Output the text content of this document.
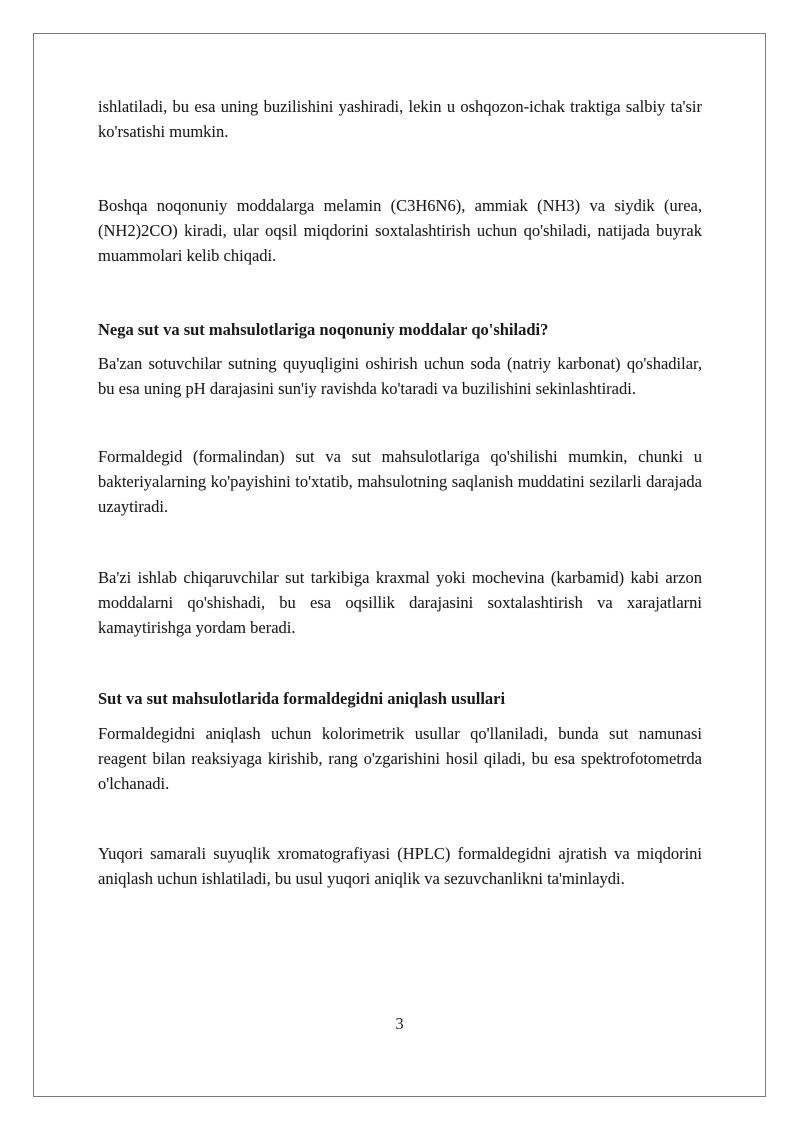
ishlatiladi, bu esa uning buzilishini yashiradi, lekin u oshqozon-ichak traktiga salbiy ta'sir ko'rsatishi mumkin.

Boshqa noqonuniy moddalarga melamin (C3H6N6), ammiak (NH3) va siydik (urea, (NH2)2CO) kiradi, ular oqsil miqdorini soxtalashtirish uchun qo'shiladi, natijada buyrak muammolari kelib chiqadi.

Nega sut va sut mahsulotlariga noqonuniy moddalar qo'shiladi?

Ba'zan sotuvchilar sutning quyuqligini oshirish uchun soda (natriy karbonat) qo'shadilar, bu esa uning pH darajasini sun'iy ravishda ko'taradi va buzilishini sekinlashtiradi.

Formaldegid (formalindan) sut va sut mahsulotlariga qo'shilishi mumkin, chunki u bakteriyalarning ko'payishini to'xtatib, mahsulotning saqlanish muddatini sezilarli darajada uzaytiradi.

Ba'zi ishlab chiqaruvchilar sut tarkibiga kraxmal yoki mochevina (karbamid) kabi arzon moddalarni qo'shishadi, bu esa oqsillik darajasini soxtalashtirish va xarajatlarni kamaytirishga yordam beradi.

Sut va sut mahsulotlarida formaldegidni aniqlash usullari

Formaldegidni aniqlash uchun kolorimetrik usullar qo'llaniladi, bunda sut namunasi reagent bilan reaksiyaga kirishib, rang o'zgarishini hosil qiladi, bu esa spektrofotometrda o'lchanadi.

Yuqori samarali suyuqlik xromatografiyasi (HPLC) formaldegidni ajratish va miqdorini aniqlash uchun ishlatiladi, bu usul yuqori aniqlik va sezuvchanlikni ta'minlaydi.

3
